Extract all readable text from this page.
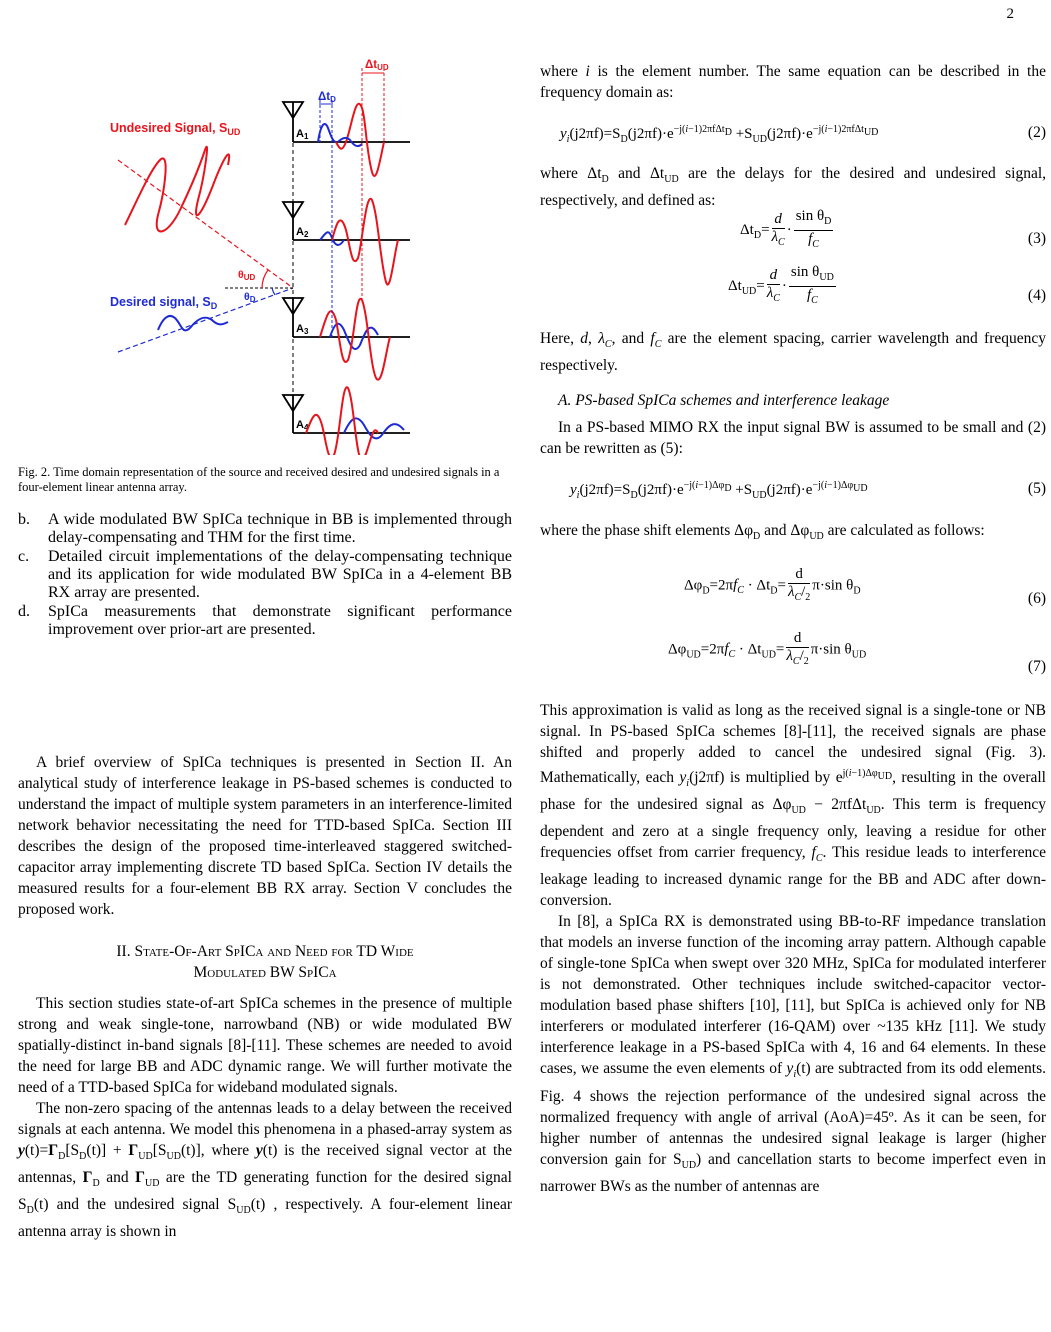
2
A1
A2
A3
A4
Undesired Signal, $S_{UD}$
Desired signal, $S_D$
ΔtD
ΔtUD
θUD
θD
Fig. 2. Time domain representation of the source and received desired and undesired signals in a four-element linear antenna array.
b. A wide modulated BW SpICa technique in BB is implemented through delay-compensating and THM for the first time.
c. Detailed circuit implementations of the delay-compensating technique and its application for wide modulated BW SpICa in a 4-element BB RX array are presented.
d. SpICa measurements that demonstrate significant performance improvement over prior-art are presented.

A brief overview of SpICa techniques is presented in Section II. An analytical study of interference leakage in PS-based schemes is conducted to understand the impact of multiple system parameters in an interference-limited network behavior necessitating the need for TTD-based SpICa. Section III describes the design of the proposed time-interleaved staggered switched-capacitor array implementing discrete TD based SpICa. Section IV details the measured results for a four-element BB RX array. Section V concludes the proposed work.

II. State-Of-Art SpICa and Need for TD Wide
Modulated BW SpICa

This section studies state-of-art SpICa schemes in the presence of multiple strong and weak single-tone, narrowband (NB) or wide modulated BW spatially-distinct in-band signals [8]-[11]. These schemes are needed to avoid the need for large BB and ADC dynamic range. We will further motivate the need of a TTD-based SpICa for wideband modulated signals.

The non-zero spacing of the antennas leads to a delay between the received signals at each antenna. We model this phenomena in a phased-array system as $y(t)=\Gamma_D[S_D(t)] + \Gamma_{UD}[S_{UD}(t)]$, where y(t) is the received signal vector at the antennas, $\Gamma_D$ and $\Gamma_{UD}$ are the TD generating function for the desired signal $S_D(t)$ and the undesired signal $S_{UD}(t)$ , respectively. A four-element linear antenna array is shown in

where i is the element number. The same equation can be described in the frequency domain as:

$y_i(j2\pi f)=S_D(j2\pi f)\cdot e^{-j(i-1)2\pi f\Delta t_D} +S_{UD}(j2\pi f)\cdot e^{-j(i-1)2\pi f\Delta t_{UD}}$	(2)

where $\Delta t_D$ and $\Delta t_{UD}$ are the delays for the desired and undesired signal, respectively, and defined as:

$\Delta t_D= \frac{d}{\lambda_C} \cdot \frac{\sin \theta_D}{f_C}$	(3)
$\Delta t_{UD}= \frac{d}{\lambda_C} \cdot \frac{\sin \theta_{UD}}{f_C}$	(4)

Here, d, $\lambda_C$, and $f_C$ are the element spacing, carrier wavelength and frequency respectively.

A. PS-based SpICa schemes and interference leakage

In a PS-based MIMO RX the input signal BW is assumed to be small and (2) can be rewritten as (5):

$y_i(j2\pi f)=S_D(j2\pi f)\cdot e^{-j(i-1)\Delta\varphi_D} +S_{UD}(j2\pi f)\cdot e^{-j(i-1)\Delta\varphi_{UD}}$	(5)

where the phase shift elements $\Delta\varphi_D$ and $\Delta\varphi_{UD}$ are calculated as follows:

$\Delta\varphi_D=2\pi f_C \cdot \Delta t_D= \frac{d}{\lambda_C/_2} \pi\cdot\sin$ $\theta_D$	(6)
$\Delta\varphi_{UD}=2\pi f_C \cdot \Delta t_{UD}= \frac{d}{\lambda_C/_2} \pi\cdot\sin$ $\theta_{UD}$
(7)

This approximation is valid as long as the received signal is a single-tone or NB signal. In PS-based SpICa schemes [8]-[11], the received signals are phase shifted and properly added to cancel the undesired signal (Fig. 3). Mathematically, each $y_i(j2\pi f)$ is multiplied by $e^{j(i-1)\Delta\varphi_{UD}}$, resulting in the overall phase for the undesired signal as $\Delta\varphi_{UD} - 2\pi f\Delta t_{UD}$. This term is frequency dependent and zero at a single frequency only, leaving a residue for other frequencies offset from carrier frequency, $f_C$. This residue leads to interference leakage leading to increased dynamic range for the BB and ADC after down-conversion.

In [8], a SpICa RX is demonstrated using BB-to-RF impedance translation that models an inverse function of the incoming array pattern. Although capable of single-tone SpICa when swept over 320 MHz, SpICa for modulated interferer is not demonstrated. Other techniques include switched-capacitor vector-modulation based phase shifters [10], [11], but SpICa is achieved only for NB interferers or modulated interferer (16-QAM) over ~135 kHz [11]. We study interference leakage in a PS-based SpICa with 4, 16 and 64 elements. In these cases, we assume the even elements of $y_i(t)$ are subtracted from its odd elements. Fig. 4 shows the rejection performance of the undesired signal across the normalized frequency with angle of arrival (AoA)=45º. As it can be seen, for higher number of antennas the undesired signal leakage is larger (higher conversion gain for $S_{UD}$) and cancellation starts to become imperfect even in narrower BWs as the number of antennas are
